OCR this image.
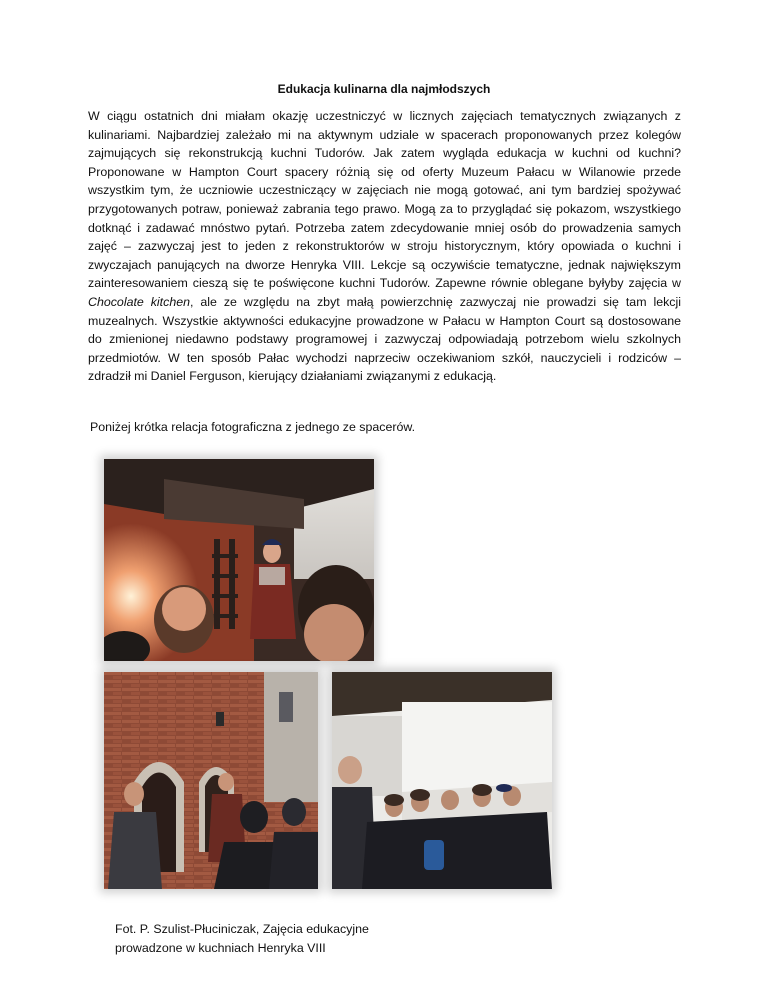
Edukacja kulinarna dla najmłodszych

W ciągu ostatnich dni miałam okazję uczestniczyć w licznych zajęciach tematycznych związanych z kulinariami. Najbardziej zależało mi na aktywnym udziale w spacerach proponowanych przez kolegów zajmujących się rekonstrukcją kuchni Tudorów. Jak zatem wygląda edukacja w kuchni od kuchni? Proponowane w Hampton Court spacery różnią się od oferty Muzeum Pałacu w Wilanowie przede wszystkim tym, że uczniowie uczestniczący w zajęciach nie mogą gotować, ani tym bardziej spożywać przygotowanych potraw, ponieważ zabrania tego prawo. Mogą za to przyglądać się pokazom, wszystkiego dotknąć i zadawać mnóstwo pytań. Potrzeba zatem zdecydowanie mniej osób do prowadzenia samych zajęć – zazwyczaj jest to jeden z rekonstruktorów w stroju historycznym, który opowiada o kuchni i zwyczajach panujących na dworze Henryka VIII. Lekcje są oczywiście tematyczne, jednak największym zainteresowaniem cieszą się te poświęcone kuchni Tudorów. Zapewne równie oblegane byłyby zajęcia w Chocolate kitchen, ale ze względu na zbyt małą powierzchnię zazwyczaj nie prowadzi się tam lekcji muzealnych. Wszystkie aktywności edukacyjne prowadzone w Pałacu w Hampton Court są dostosowane do zmienionej niedawno podstawy programowej i zazwyczaj odpowiadają potrzebom wielu szkolnych przedmiotów. W ten sposób Pałac wychodzi naprzeciw oczekiwaniom szkół, nauczycieli i rodziców – zdradził mi Daniel Ferguson, kierujący działaniami związanymi z edukacją.

Poniżej krótka relacja fotograficzna z jednego ze spacerów.
Fot. P. Szulist-Płuciniczak, Zajęcia edukacyjne
prowadzone w kuchniach Henryka VIII
